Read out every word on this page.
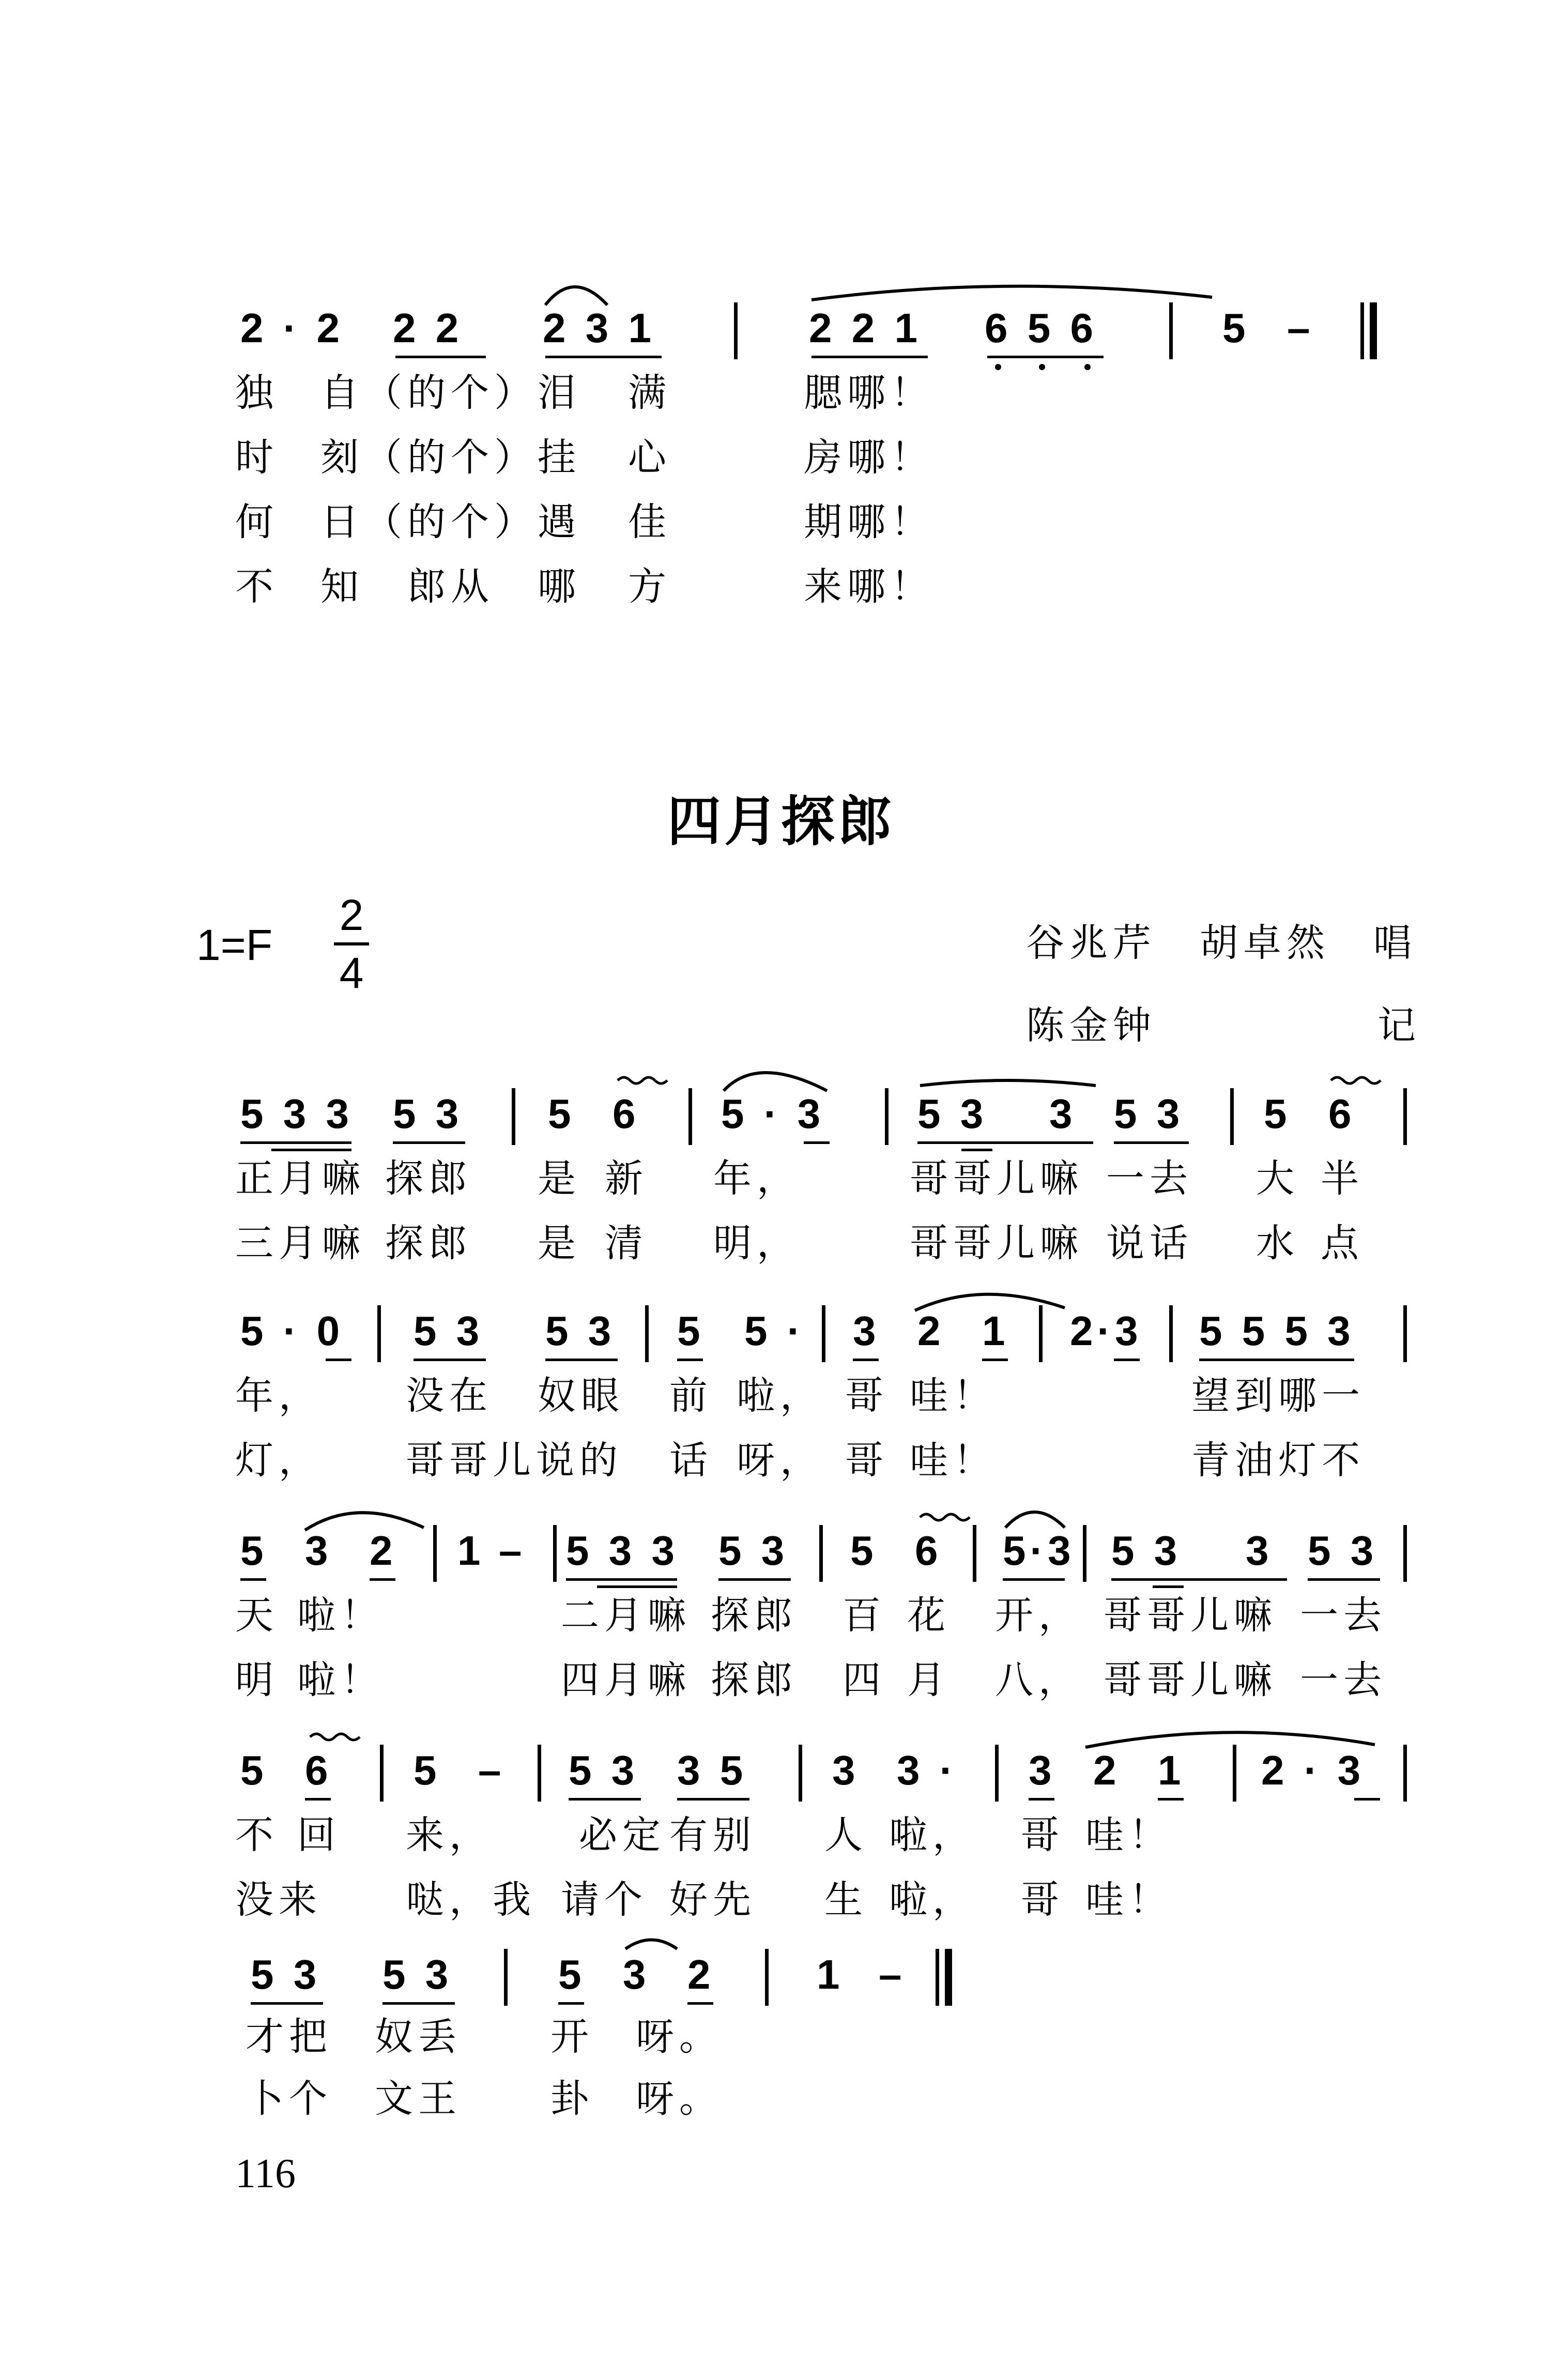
2 · 2 2 2 2 3 1	2 2 1 6 5 6	5 –
独 自（的个）泪 满	腮哪！
时 刻（的个）挂 心	房哪！
何 日（的个）遇 佳	期哪！
不 知　郎从　哪 方	来哪！
四月探郎
1=F
2
4
谷兆芹　胡卓然　唱
陈金钟	记
5 3 3 5 3 5 6 5 · 3 5 3 3 5 3 5 6
正月嘛 探郎 是 新 年，	哥哥儿嘛 一去 大 半
三月嘛 探郎 是 清 明，	哥哥儿嘛 说话 水 点
5 · 0 5 3 5 3 5 5 · 3 2 1 2·3 5 5 5 3
年， 没在 奴眼 前 啦， 哥 哇！	望到哪一
灯， 哥哥儿说的 话 呀， 哥 哇！	青油灯不
5 3 2 1 – 5 3 3 5 3 5 6 5·3 5 3 3 5 3
天 啦！	二月嘛 探郎 百 花 开， 哥哥儿嘛 一去
明 啦！	四月嘛 探郎 四 月 八， 哥哥儿嘛 一去
5 6 5 – 5 3 3 5 3 3 · 3 2 1 2 · 3
不 回 来， 必定 有别 人 啦， 哥 哇！
没来 哒，我 请个 好先 生 啦， 哥 哇！
5 3 5 3	5 3 2 1 –
才把 奴丢 开 呀。
卜个 文王 卦 呀。
116
